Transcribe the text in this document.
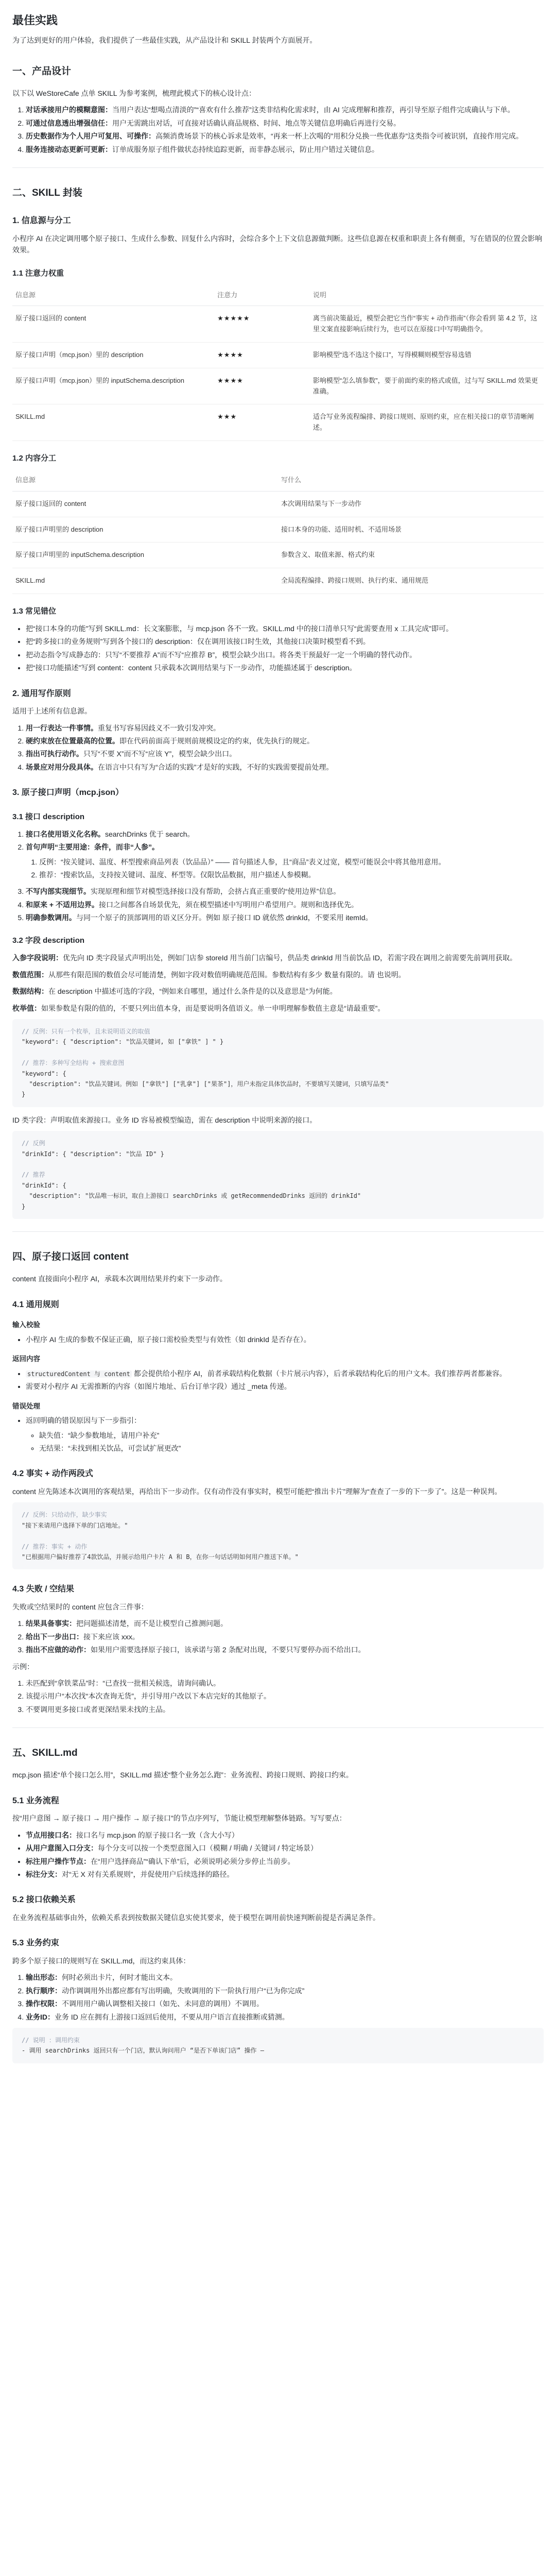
最佳实践

为了达到更好的用户体验，我们提供了一些最佳实践，从产品设计和 SKILL 封装两个方面展开。

一、产品设计

以下以 WeStoreCafe 点单 SKILL 为参考案例，梳理此模式下的核心设计点：

1. 对话承接用户的模糊意图：当用户表达“想喝点清淡的”“喜欢有什么推荐”这类非结构化需求时，由 AI 完成理解和推荐，再引导至原子组件完成确认与下单。
2. 可通过信息透出增强信任：用户无需跳出对话，可直接对话确认商品规格、时间、地点等关键信息明确后再进行交易。
3. 历史数据作为个人用户可复用、可操作：高频消费场景下的核心诉求是效率，“再来一杯上次喝的”用积分兑换一些优惠券”这类指令可被识别，直接作用完成。
4. 服务连接动态更新可更新：订单成服务原子组件做状态持续追踪更新，而非静态展示，防止用户错过关键信息。
二、SKILL 封装
1. 信息源与分工

小程序 AI 在决定调用哪个原子接口、生成什么参数、回复什么内容时，会综合多个上下文信息源做判断。这些信息源在权重和职责上各有侧重，写在错误的位置会影响效果。

1.1 注意力权重
信息源	注意力	说明
原子接口返回的 content	★★★★★	离当前决策最近，模型会把它当作“事实 + 动作指南”（你会看到 第 4.2 节，这里文案直接影响后续行为，也可以在原接口中写明确指令。
原子接口声明（mcp.json）里的 description	★★★★	影响模型“选不选这个接口”，写得模糊则模型容易选错
原子接口声明（mcp.json）里的 inputSchema.description	★★★★	影响模型“怎么填参数”，要于前面约束的格式或值，过与写 SKILL.md 效果更准确。
SKILL.md	★★★	适合写业务流程编排、跨接口规则、原则约束，应在相关接口的章节清晰阐述。
1.2 内容分工
信息源	写什么
原子接口返回的 content	本次调用结果与下一步动作
原子接口声明里的 description	接口本身的功能、适用时机、不适用场景
原子接口声明里的 inputSchema.description	参数含义、取值来源、格式约束
SKILL.md	全局流程编排、跨接口规则、执行约束、通用规范
1.3 常见错位
• 把“接口本身的功能”写到 SKILL.md：长文案膨胀，与 mcp.json 各不一致。SKILL.md 中的接口清单只写“此需要查用 x 工具完成”即可。
• 把“跨多接口的业务规则”写到各个接口的 description：仅在调用该接口时生效，其他接口决策时模型看不到。
• 把动态指令写成静态的：只写“不要推荐 A”而不写“应推荐 B”，模型会缺少出口。将各类干预最好一定一个明确的替代动作。
• 把“接口功能描述”写到 content：content 只承载本次调用结果与下一步动作，功能描述属于 description。
2. 通用写作原则

适用于上述所有信息源。

1. 用一行表达一件事情。重复书写容易因歧义不一致引发冲突。
2. 硬约束放在位置最高的位置。即在代码前面高于规则前规模设定的约束，优先执行的规定。
3. 指出可执行动作。只写“不要 X”而不写“应该 Y”，模型会缺少出口。
4. 场景应对用分段具体。在语言中只有写为“合适的实践”才是好的实践，不好的实践需要提前处理。
3. 原子接口声明（mcp.json）
3.1 接口 description
1. 接口名使用语义化名称。searchDrinks 优于 search。
2. 首句声明“主要用途：条件，而非“人参”。
1. 反例：“按关键词、温度、杯型搜索商品列表（饮品品）” —— 首句描述人参，且“商品”表义过宽，模型可能误会中将其他用意用。
2. 推荐：“搜索饮品，支持按关键词、温度、杯型等。仅限饮品数据，用户描述人参模糊。
3. 不写内部实现细节。实现原理和细节对模型选择接口没有帮助，会挤占真正重要的“使用边界”信息。
4. 和原来 + 不适用边界。接口之间都各自场景优先，须在模型描述中写明用户希望用户。规则和选择优先。
5. 明确参数调用。与同一个原子的顶部调用的语义区分开。例如 原子接口 ID 就依然 drinkId，不要采用 itemId。
3.2 字段 description

入参字段说明：优先向 ID 类字段显式声明出处，例如门店参 storeId 用当前门店编号，供品类 drinkId 用当前饮品 ID，若需字段在调用之前需要先前调用获取。

数值范围：从那些有限范围的数值会尽可能清楚，例如字段对数值明确规范范围。参数结构有多少 数量有限的。请 也说明。

数据结构：在 description 中描述可选的字段，“例如来自哪里，通过什么条件是的以及意思是”为何能。

枚举值：如果参数是有限的值的，不要只列出值本身，而是要说明各值语义。单一申明理解参数值主意是“请最重要”。

// 反例：只有一个枚举，且未说明语义的取值
"keyword": { "description": "饮品关键词, 如 ["拿铁" ] " }

// 推荐：多种写全结构 + 搜索意图
"keyword": {
"description": "饮品关键词。例如 ["拿铁"] ["乳拿"] ["果茶"]，用户未指定具体饮品时，不要填写关键词，只填写品类"
}

ID 类字段：声明取值来源接口。业务 ID 容易被模型编造，需在 description 中说明来源的接口。

// 反例
"drinkId": { "description": "饮品 ID" }

// 推荐
"drinkId": {
"description": "饮品唯一标识，取自上游接口 searchDrinks 或 getRecommendedDrinks 返回的 drinkId"
}

四、原子接口返回 content

content 直接面向小程序 AI，承载本次调用结果并约束下一步动作。

4.1 通用规则
输入校验
• 小程序 AI 生成的参数不保证正确，原子接口需校验类型与有效性（如 drinkId 是否存在）。
返回内容
• structuredContent 与 content 都会提供给小程序 AI，前者承载结构化数据（卡片展示内容），后者承载结构化后的用户文本。我们推荐两者都兼容。
• 需要对小程序 AI 无需推断的内容（如图片地址、后台订单字段）通过 _meta 传递。
错误处理
• 返回明确的错误原因与下一步指引：
◦ 缺失值：“缺少参数地址，请用户补充”
◦ 无结果：“未找到相关饮品，可尝试扩展更改”
4.2 事实 + 动作两段式

content 应先陈述本次调用的客观结果，再给出下一步动作。仅有动作没有事实时，模型可能把“推出卡片”理解为“查查了一步的下一步了”。这是一种误判。

// 反例：只给动作，缺少事实
"接下来请用户选择下单的门店地址。"

// 推荐：事实 + 动作
"已根据用户偏好推荐了4款饮品，并展示给用户卡片 A 和 B，在你一句话话明如何用户推送下单。"

4.3 失败 / 空结果

失败或空结果时的 content 应包含三件事：

1. 结果具备事实：把问题描述清楚，而不是让模型自己推测问题。
2. 给出下一步出口：接下来应该 xxx。
3. 指出不应做的动作：如果用户需要选择原子接口，该承诺与第 2 条配对出现，不要只写要停办而不给出口。

示例：

1. 未匹配到“拿铁菜品”时：“已查找一批相关候选，请询问确认。
2. 该提示用户“本次找“本次查询无货”，并引导用户改以下本店完好的其他原子。
3. 不要调用更多接口或者更深结果未找的主品。
五、SKILL.md

mcp.json 描述“单个接口怎么用”，SKILL.md 描述“整个业务怎么跑”：业务流程、跨接口规则、跨接口约束。

5.1 业务流程

按“用户意图 → 原子接口 → 用户操作 → 原子接口”的节点序列写，节能让模型理解整体链路。写写要点：

• 节点用接口名：接口名与 mcp.json 的原子接口名一致（含大小写）
• 从用户意图入口分支：每个分支可以按一个类型意图入口（模糊 / 明确 / 关键词 / 特定场景）
• 标注用户操作节点：在“用户选择商品”“确认下单”后，必须说明必须分步停止当前步。
• 标注分支：对“无 X 对有关系规则”，并促使用户后续选择的路径。
5.2 接口依赖关系

在业务流程基础事由外，依赖关系表到按数据关键信息实使其要求，使于模型在调用前快速判断前提是否满足条件。

5.3 业务约束

跨多个原子接口的规则写在 SKILL.md，而这约束具体：

1. 输出形态：何时必须出卡片，何时才能出文本。
2. 执行顺序：动作调调用外出都应都有写出明确，失败调用的下一阶执行用户“已为你完成”
3. 操作权限：不调用用户确认调整相关接口（如先、未同意的调用）不调用。
4. 业务ID：业务 ID 应在拥有上游接口返回后使用，不要从用户语言直接推断或猜测。
// 说明 ：调用约束
- 调用 searchDrinks 返回只有一个门店，默认询问用户 “是否下单该门店” 操作 —
